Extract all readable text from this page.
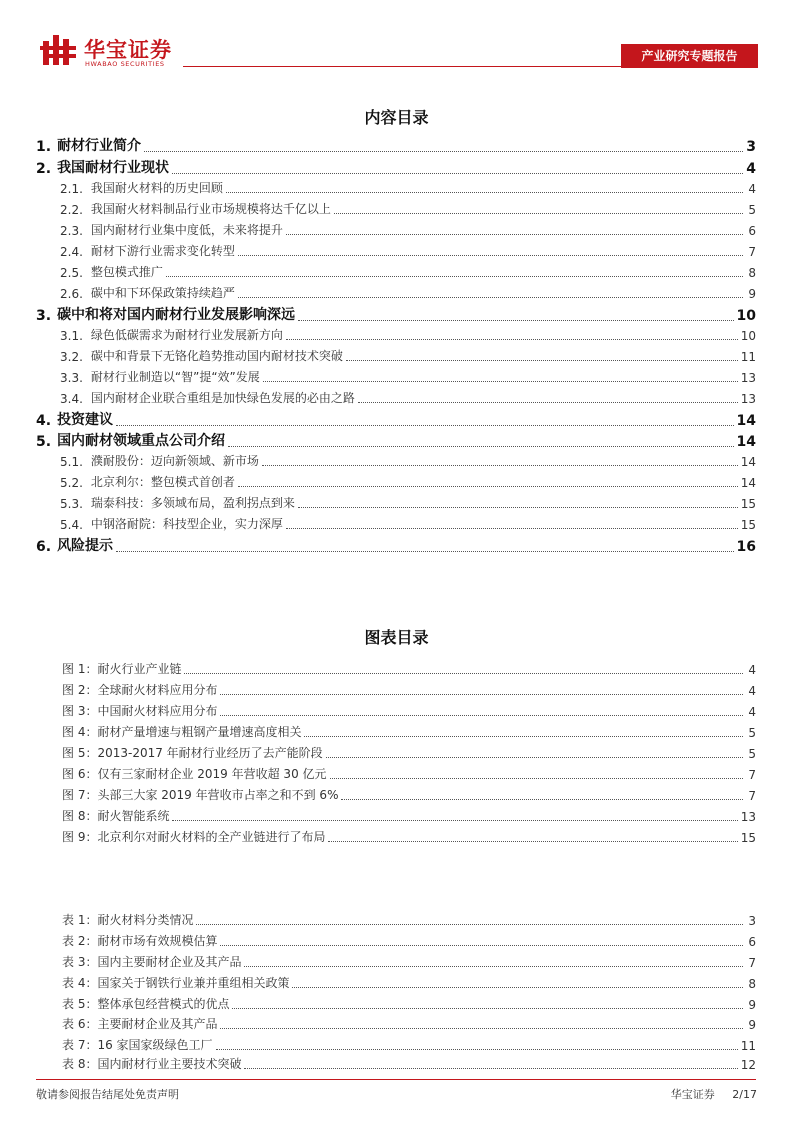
华宝证券
HWABAO SECURITIES
产业研究专题报告
内容目录
1. 耐材行业简介	3
2. 我国耐材行业现状	4
2.1. 我国耐火材料的历史回顾	4
2.2. 我国耐火材料制品行业市场规模将达千亿以上	5
2.3. 国内耐材行业集中度低，未来将提升	6
2.4. 耐材下游行业需求变化转型	7
2.5. 整包模式推广	8
2.6. 碳中和下环保政策持续趋严	9
3. 碳中和将对国内耐材行业发展影响深远	10
3.1. 绿色低碳需求为耐材行业发展新方向	10
3.2. 碳中和背景下无铬化趋势推动国内耐材技术突破	11
3.3. 耐材行业制造以“智”提“效”发展	13
3.4. 国内耐材企业联合重组是加快绿色发展的必由之路	13
4. 投资建议	14
5. 国内耐材领域重点公司介绍	14
5.1. 濮耐股份：迈向新领域、新市场	14
5.2. 北京利尔：整包模式首创者	14
5.3. 瑞泰科技：多领域布局，盈利拐点到来	15
5.4. 中钢洛耐院：科技型企业，实力深厚	15
6. 风险提示	16
图表目录
图 1：耐火行业产业链	4
图 2：全球耐火材料应用分布	4
图 3：中国耐火材料应用分布	4
图 4：耐材产量增速与粗钢产量增速高度相关	5
图 5：2013-2017 年耐材行业经历了去产能阶段	5
图 6：仅有三家耐材企业 2019 年营收超 30 亿元	7
图 7：头部三大家 2019 年营收市占率之和不到 6%	7
图 8：耐火智能系统	13
图 9：北京利尔对耐火材料的全产业链进行了布局	15
表 1：耐火材料分类情况	3
表 2：耐材市场有效规模估算	6
表 3：国内主要耐材企业及其产品	7
表 4：国家关于钢铁行业兼并重组相关政策	8
表 5：整体承包经营模式的优点	9
表 6：主要耐材企业及其产品	9
表 7：16 家国家级绿色工厂	11
表 8：国内耐材行业主要技术突破	12
敬请参阅报告结尾处免责声明	华宝证券 2/17
